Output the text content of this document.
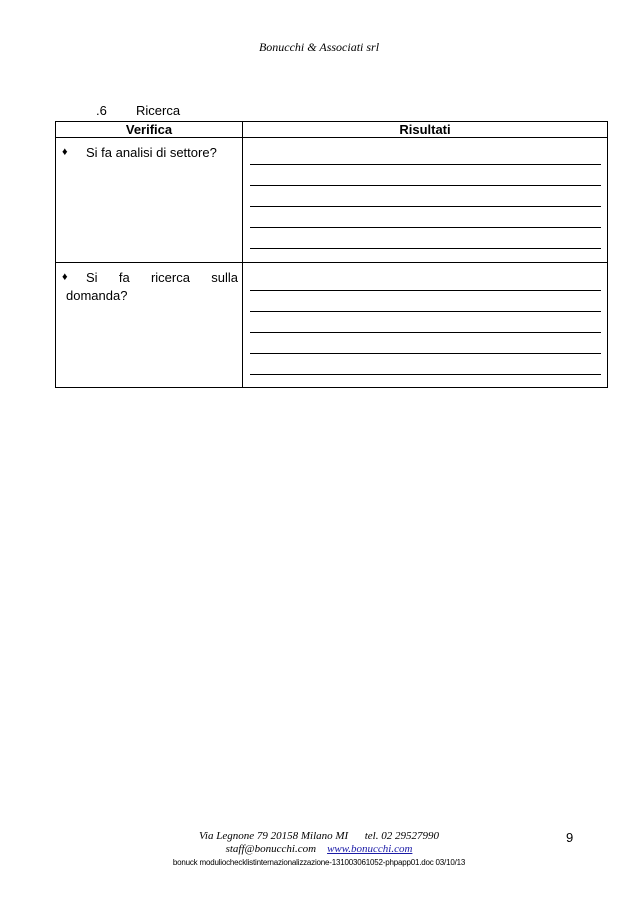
Bonucchi & Associati srl
.6	Ricerca
Verifica	Risultati

♦ Si fa analisi di settore?	

♦ Si fa ricerca sulla domanda?	

Via Legnone 79 20158 Milano MI tel. 02 29527990
staff@bonucchi.com www.bonucchi.com
bonuck moduliochecklistinternazionalizzazione-131003061052-phpapp01.doc 03/10/13
9
